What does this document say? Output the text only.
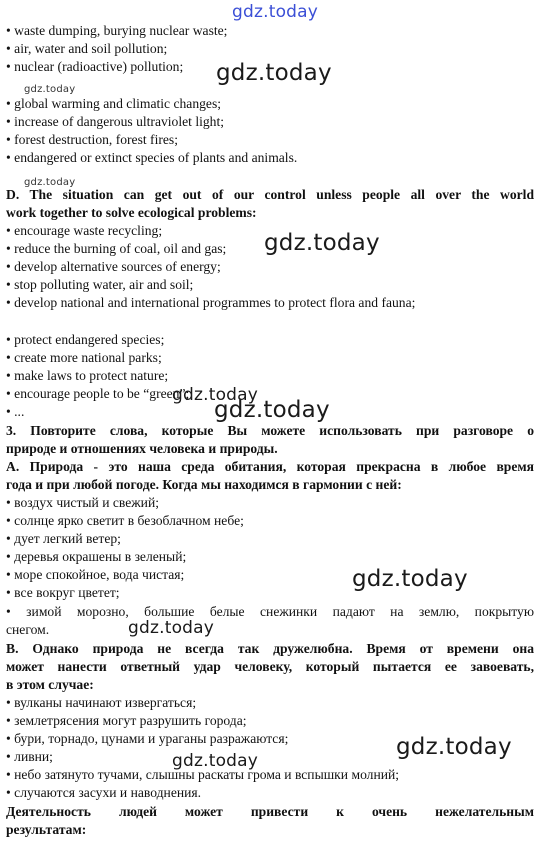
gdz.today
gdz.today
gdz.today
gdz.today
gdz.today
gdz.today
gdz.today
gdz.today
gdz.today
gdz.today
gdz.today
• waste dumping, burying nuclear waste;
• air, water and soil pollution;
• nuclear (radioactive) pollution;
• global warming and climatic changes;
• increase of dangerous ultraviolet light;
• forest destruction, forest fires;
• endangered or extinct species of plants and animals.
D. The situation can get out of our control unless people all over the world
work together to solve ecological problems:
• encourage waste recycling;
• reduce the burning of coal, oil and gas;
• develop alternative sources of energy;
• stop polluting water, air and soil;
• develop national and international programmes to protect flora and fauna;
• protect endangered species;
• create more national parks;
• make laws to protect nature;
• encourage people to be “green”;
• ...
3. Повторите слова, которые Вы можете использовать при разговоре о
природе и отношениях человека и природы.
А. Природа - это наша среда обитания, которая прекрасна в любое время
года и при любой погоде. Когда мы находимся в гармонии с ней:
• воздух чистый и свежий;
• солнце ярко светит в безоблачном небе;
• дует легкий ветер;
• деревья окрашены в зеленый;
• море спокойное, вода чистая;
• все вокруг цветет;
• зимой морозно, большие белые снежинки падают на землю, покрытую
снегом.
B. Однако природа не всегда так дружелюбна. Время от времени она
может нанести ответный удар человеку, который пытается ее завоевать,
в этом случае:
• вулканы начинают извергаться;
• землетрясения могут разрушить города;
• бури, торнадо, цунами и ураганы разражаются;
• ливни;
• небо затянуто тучами, слышны раскаты грома и вспышки молний;
• случаются засухи и наводнения.
Деятельность людей может привести к очень нежелательным
результатам:
